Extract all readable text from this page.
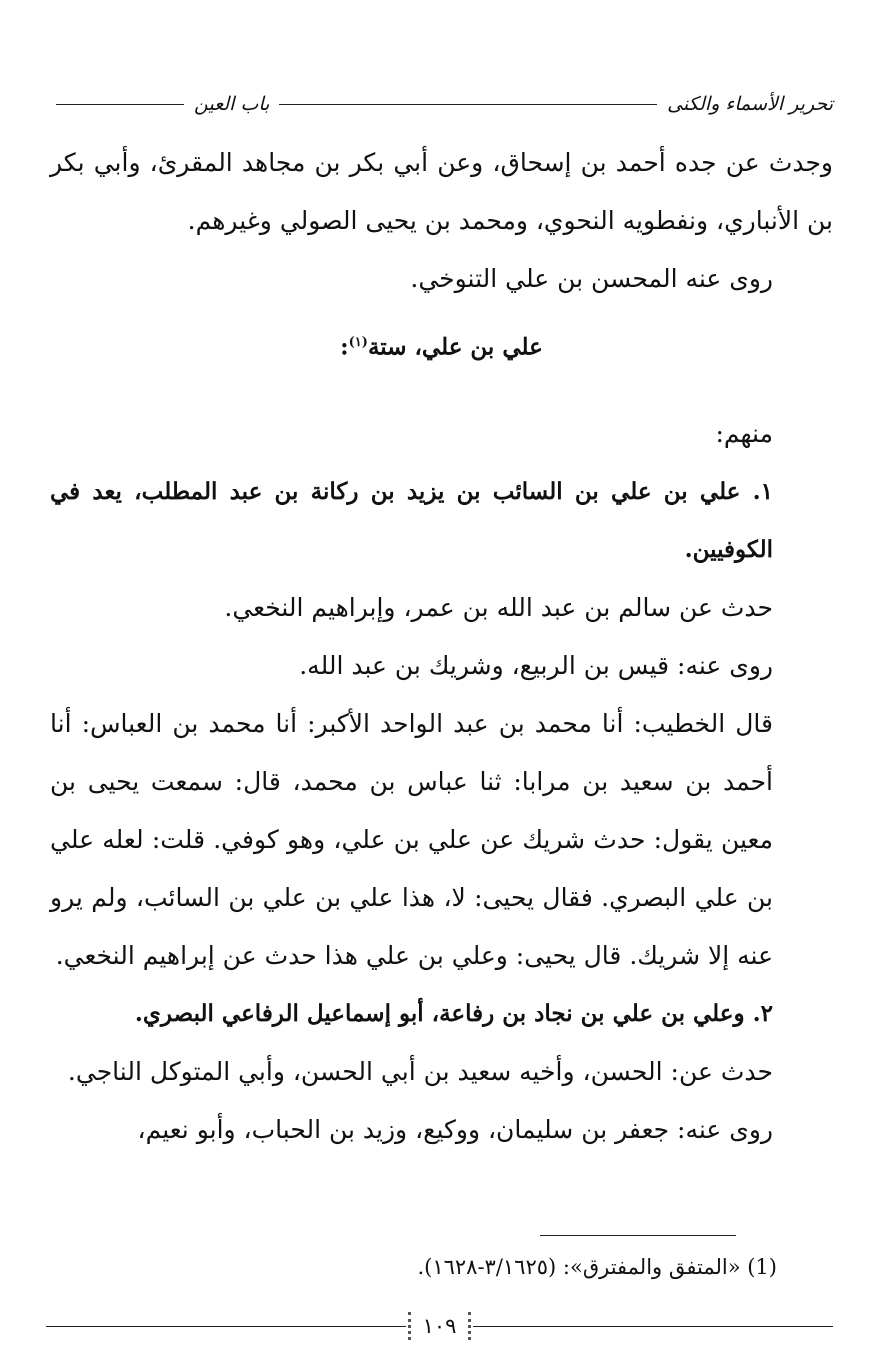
تحرير الأسماء والكنى
باب العين

وجدث عن جده أحمد بن إسحاق، وعن أبي بكر بن مجاهد المقرئ، وأبي بكر بن الأنباري، ونفطويه النحوي، ومحمد بن يحيى الصولي وغيرهم.

روى عنه المحسن بن علي التنوخي.

علي بن علي، ستة$^{(١)}$:

منهم:

١. علي بن علي بن السائب بن يزيد بن ركانة بن عبد المطلب، يعد في الكوفيين.

حدث عن سالم بن عبد الله بن عمر، وإبراهيم النخعي.

روى عنه: قيس بن الربيع، وشريك بن عبد الله.

قال الخطيب: أنا محمد بن عبد الواحد الأكبر: أنا محمد بن العباس: أنا أحمد بن سعيد بن مرابا: ثنا عباس بن محمد، قال: سمعت يحيى بن معين يقول: حدث شريك عن علي بن علي، وهو كوفي. قلت: لعله علي بن علي البصري. فقال يحيى: لا، هذا علي بن علي بن السائب، ولم يرو عنه إلا شريك. قال يحيى: وعلي بن علي هذا حدث عن إبراهيم النخعي.

٢. وعلي بن علي بن نجاد بن رفاعة، أبو إسماعيل الرفاعي البصري.

حدث عن: الحسن، وأخيه سعيد بن أبي الحسن، وأبي المتوكل الناجي.

روى عنه: جعفر بن سليمان، ووكيع، وزيد بن الحباب، وأبو نعيم،

(1) «المتفق والمفترق»: (٣/١٦٢٥-١٦٢٨).
١٠٩
